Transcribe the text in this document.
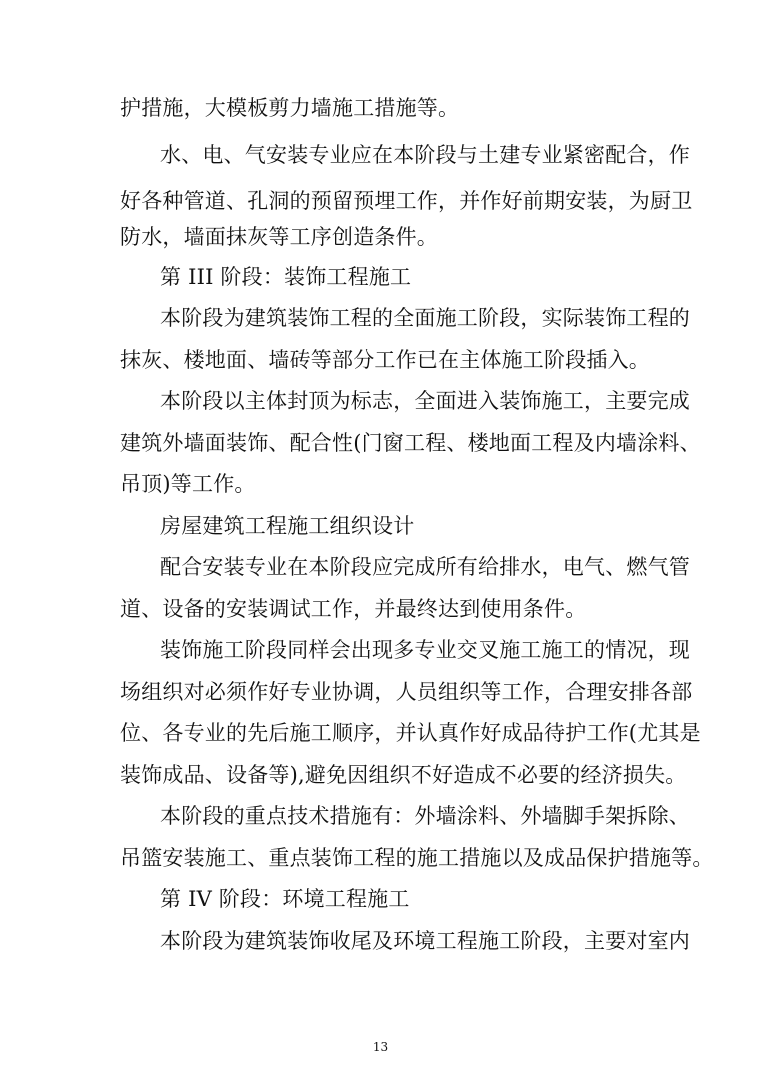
护措施，大模板剪力墙施工措施等。
水、电、气安装专业应在本阶段与土建专业紧密配合，作
好各种管道、孔洞的预留预埋工作，并作好前期安装，为厨卫
防水，墙面抹灰等工序创造条件。
第 III 阶段：装饰工程施工
本阶段为建筑装饰工程的全面施工阶段，实际装饰工程的
抹灰、楼地面、墙砖等部分工作已在主体施工阶段插入。
本阶段以主体封顶为标志，全面进入装饰施工，主要完成
建筑外墙面装饰、配合性(门窗工程、楼地面工程及内墙涂料、
吊顶)等工作。
房屋建筑工程施工组织设计
配合安装专业在本阶段应完成所有给排水，电气、燃气管
道、设备的安装调试工作，并最终达到使用条件。
装饰施工阶段同样会出现多专业交叉施工施工的情况，现
场组织对必须作好专业协调，人员组织等工作，合理安排各部
位、各专业的先后施工顺序，并认真作好成品待护工作(尤其是
装饰成品、设备等),避免因组织不好造成不必要的经济损失。
本阶段的重点技术措施有：外墙涂料、外墙脚手架拆除、
吊篮安装施工、重点装饰工程的施工措施以及成品保护措施等。
第 IV 阶段：环境工程施工
本阶段为建筑装饰收尾及环境工程施工阶段，主要对室内
13
